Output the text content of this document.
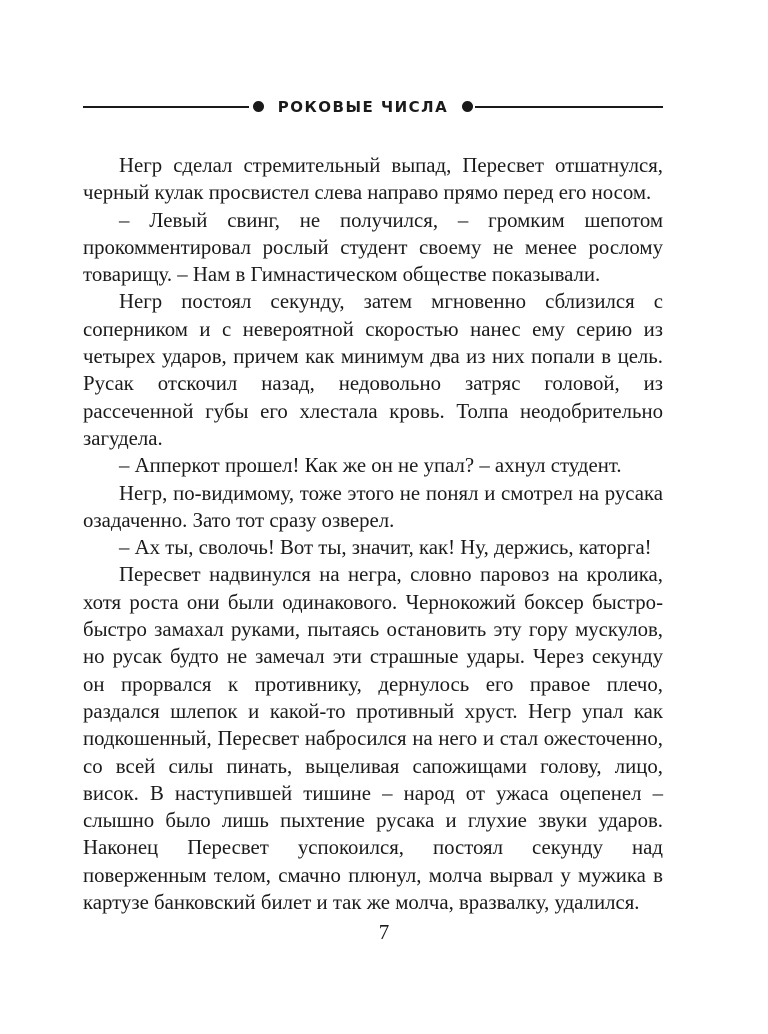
РОКОВЫЕ ЧИСЛА

Негр сделал стремительный выпад, Пересвет отшатнулся, черный кулак просвистел слева направо прямо перед его носом.

– Левый свинг, не получился, – громким шепотом прокомментировал рослый студент своему не менее рослому товарищу. – Нам в Гимнастическом обществе показывали.

Негр постоял секунду, затем мгновенно сблизился с соперником и с невероятной скоростью нанес ему серию из четырех ударов, причем как минимум два из них попали в цель. Русак отскочил назад, недовольно затряс головой, из рассеченной губы его хлестала кровь. Толпа неодобрительно загудела.

– Апперкот прошел! Как же он не упал? – ахнул студент.

Негр, по-видимому, тоже этого не понял и смотрел на русака озадаченно. Зато тот сразу озверел.

– Ах ты, сволочь! Вот ты, значит, как! Ну, держись, каторга!

Пересвет надвинулся на негра, словно паровоз на кролика, хотя роста они были одинакового. Чернокожий боксер быстро-быстро замахал руками, пытаясь остановить эту гору мускулов, но русак будто не замечал эти страшные удары. Через секунду он прорвался к противнику, дернулось его правое плечо, раздался шлепок и какой-то противный хруст. Негр упал как подкошенный, Пересвет набросился на него и стал ожесточенно, со всей силы пинать, выцеливая сапожищами голову, лицо, висок. В наступившей тишине – народ от ужаса оцепенел – слышно было лишь пыхтение русака и глухие звуки ударов. Наконец Пересвет успокоился, постоял секунду над поверженным телом, смачно плюнул, молча вырвал у мужика в картузе банковский билет и так же молча, вразвалку, удалился.

7
